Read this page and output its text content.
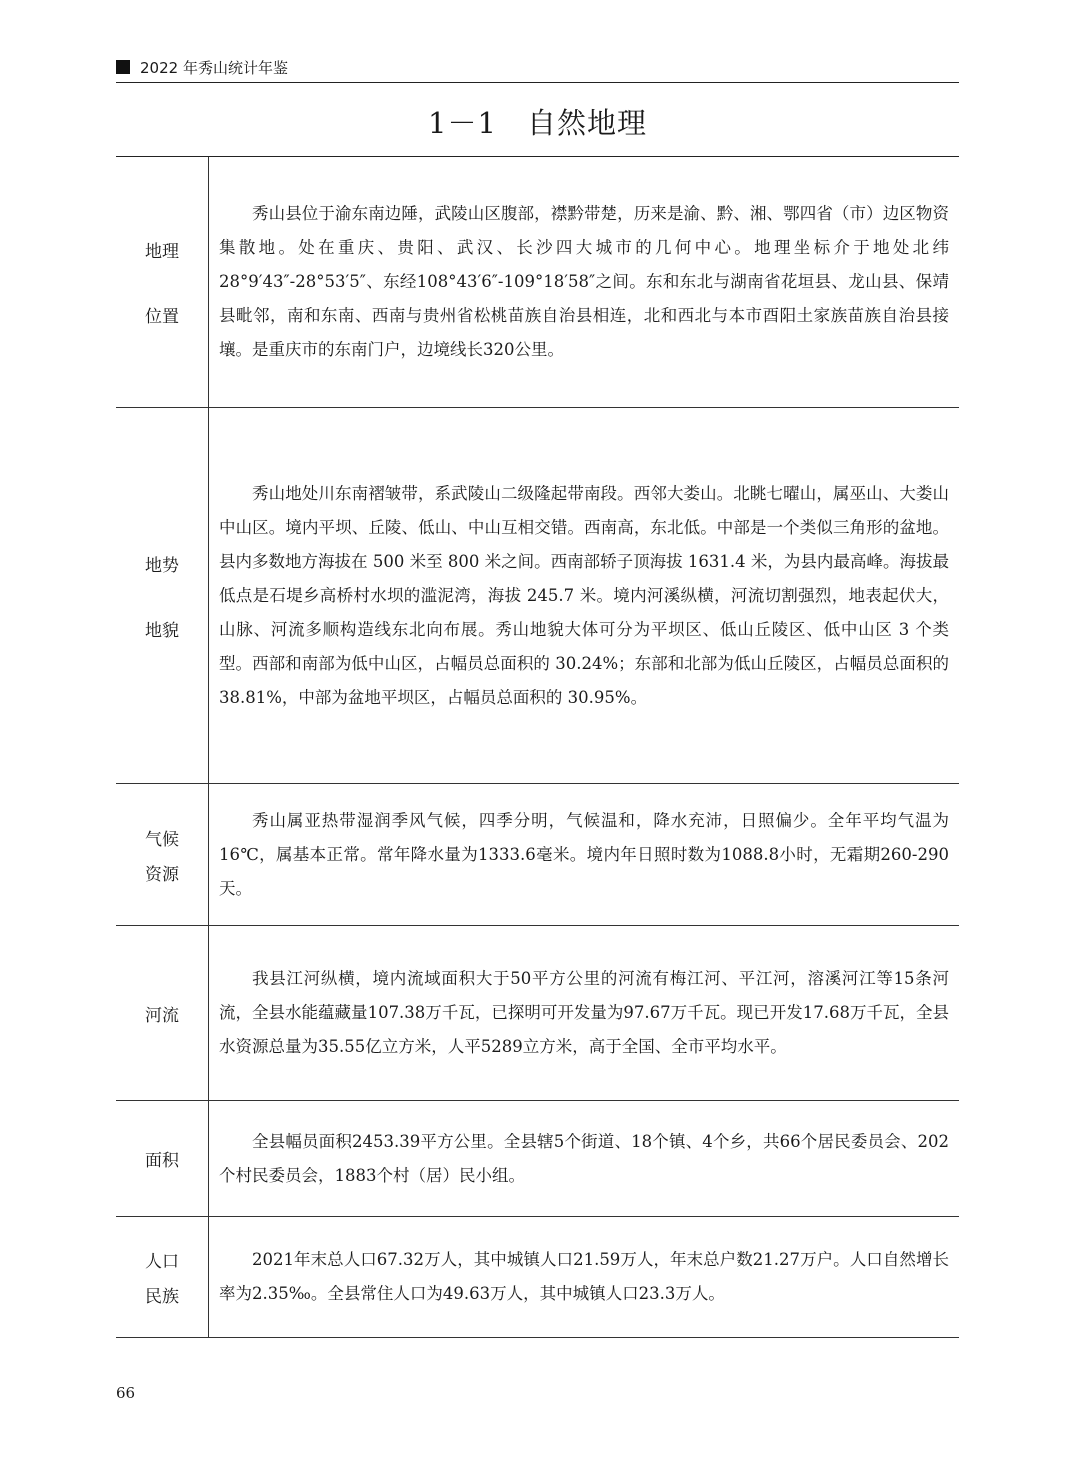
2022 年秀山统计年鉴
1－1　自然地理
地理
位置

秀山县位于渝东南边陲，武陵山区腹部，襟黔带楚，历来是渝、黔、湘、鄂四省（市）边区物资集散地。处在重庆、贵阳、武汉、长沙四大城市的几何中心。地理坐标介于地处北纬28°9′43″-28°53′5″、东经108°43′6″-109°18′58″之间。东和东北与湖南省花垣县、龙山县、保靖县毗邻，南和东南、西南与贵州省松桃苗族自治县相连，北和西北与本市酉阳土家族苗族自治县接壤。是重庆市的东南门户，边境线长320公里。

地势
地貌

秀山地处川东南褶皱带，系武陵山二级隆起带南段。西邻大娄山。北眺七曜山，属巫山、大娄山中山区。境内平坝、丘陵、低山、中山互相交错。西南高，东北低。中部是一个类似三角形的盆地。县内多数地方海拔在 500 米至 800 米之间。西南部轿子顶海拔 1631.4 米，为县内最高峰。海拔最低点是石堤乡高桥村水坝的滥泥湾，海拔 245.7 米。境内河溪纵横，河流切割强烈，地表起伏大，山脉、河流多顺构造线东北向布展。秀山地貌大体可分为平坝区、低山丘陵区、低中山区 3 个类型。西部和南部为低中山区，占幅员总面积的 30.24%；东部和北部为低山丘陵区，占幅员总面积的 38.81%，中部为盆地平坝区，占幅员总面积的 30.95%。

气候
资源

秀山属亚热带湿润季风气候，四季分明，气候温和，降水充沛，日照偏少。全年平均气温为16℃，属基本正常。常年降水量为1333.6毫米。境内年日照时数为1088.8小时，无霜期260-290天。

河流

我县江河纵横，境内流域面积大于50平方公里的河流有梅江河、平江河，溶溪河江等15条河流，全县水能蕴藏量107.38万千瓦，已探明可开发量为97.67万千瓦。现已开发17.68万千瓦，全县水资源总量为35.55亿立方米，人平5289立方米，高于全国、全市平均水平。

面积

全县幅员面积2453.39平方公里。全县辖5个街道、18个镇、4个乡，共66个居民委员会、202个村民委员会，1883个村（居）民小组。

人口
民族

2021年末总人口67.32万人，其中城镇人口21.59万人，年末总户数21.27万户。人口自然增长率为2.35‰。全县常住人口为49.63万人，其中城镇人口23.3万人。

66
